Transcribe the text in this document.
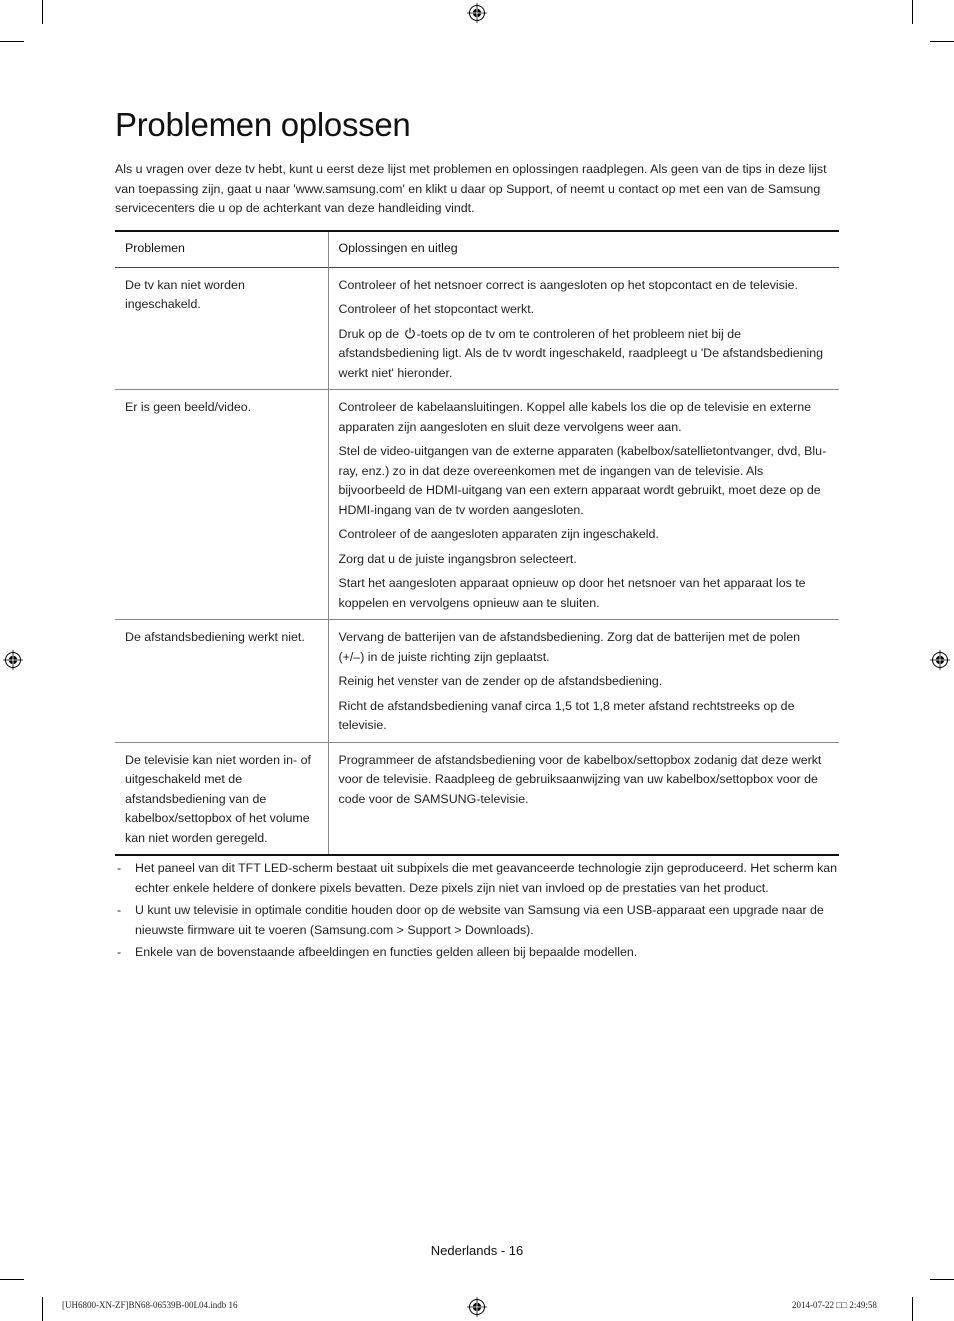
Problemen oplossen

Als u vragen over deze tv hebt, kunt u eerst deze lijst met problemen en oplossingen raadplegen. Als geen van de tips in deze lijst van toepassing zijn, gaat u naar 'www.samsung.com' en klikt u daar op Support, of neemt u contact op met een van de Samsung servicecenters die u op de achterkant van deze handleiding vindt.

Problemen	Oplossingen en uitleg
De tv kan niet worden ingeschakeld.	Controleer of het netsnoer correct is aangesloten op het stopcontact en de televisie.

Controleer of het stopcontact werkt.

Druk op de
-toets op de tv om te controleren of het probleem niet bij de afstandsbediening ligt. Als de tv wordt ingeschakeld, raadpleegt u 'De afstandsbediening werkt niet' hieronder.

Er is geen beeld/video.	Controleer de kabelaansluitingen. Koppel alle kabels los die op de televisie en externe apparaten zijn aangesloten en sluit deze vervolgens weer aan.

Stel de video-uitgangen van de externe apparaten (kabelbox/satellietontvanger, dvd, Blu-ray, enz.) zo in dat deze overeenkomen met de ingangen van de televisie. Als bijvoorbeeld de HDMI-uitgang van een extern apparaat wordt gebruikt, moet deze op de HDMI-ingang van de tv worden aangesloten.

Controleer of de aangesloten apparaten zijn ingeschakeld.

Zorg dat u de juiste ingangsbron selecteert.

Start het aangesloten apparaat opnieuw op door het netsnoer van het apparaat los te koppelen en vervolgens opnieuw aan te sluiten.

De afstandsbediening werkt niet.	Vervang de batterijen van de afstandsbediening. Zorg dat de batterijen met de polen (+/–) in de juiste richting zijn geplaatst.

Reinig het venster van de zender op de afstandsbediening.

Richt de afstandsbediening vanaf circa 1,5 tot 1,8 meter afstand rechtstreeks op de televisie.

De televisie kan niet worden in- of uitgeschakeld met de afstandsbediening van de kabelbox/settopbox of het volume kan niet worden geregeld.	Programmeer de afstandsbediening voor de kabelbox/settopbox zodanig dat deze werkt voor de televisie. Raadpleeg de gebruiksaanwijzing van uw kabelbox/settopbox voor de code voor de SAMSUNG-televisie.

- Het paneel van dit TFT LED-scherm bestaat uit subpixels die met geavanceerde technologie zijn geproduceerd. Het scherm kan echter enkele heldere of donkere pixels bevatten. Deze pixels zijn niet van invloed op de prestaties van het product.
- U kunt uw televisie in optimale conditie houden door op de website van Samsung via een USB-apparaat een upgrade naar de nieuwste firmware uit te voeren (Samsung.com > Support > Downloads).
- Enkele van de bovenstaande afbeeldingen en functies gelden alleen bij bepaalde modellen.
Nederlands - 16
[UH6800-XN-ZF]BN68-06539B-00L04.indb 16	2014-07-22 □□ 2:49:58
